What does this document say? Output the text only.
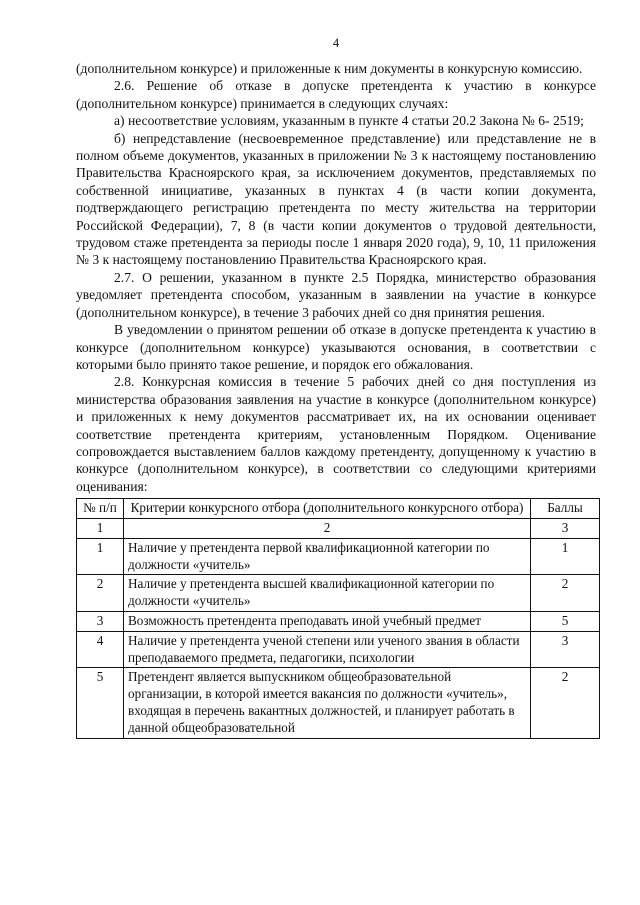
4

(дополнительном конкурсе) и приложенные к ним документы в конкурсную комиссию.

2.6. Решение об отказе в допуске претендента к участию в конкурсе (дополнительном конкурсе) принимается в следующих случаях:

а) несоответствие условиям, указанным в пункте 4 статьи 20.2 Закона № 6- 2519;

б) непредставление (несвоевременное представление) или представление не в полном объеме документов, указанных в приложении № 3 к настоящему постановлению Правительства Красноярского края, за исключением документов, представляемых по собственной инициативе, указанных в пунктах 4 (в части копии документа, подтверждающего регистрацию претендента по месту жительства на территории Российской Федерации), 7, 8 (в части копии документов о трудовой деятельности, трудовом стаже претендента за периоды после 1 января 2020 года), 9, 10, 11 приложения № 3 к настоящему постановлению Правительства Красноярского края.

2.7. О решении, указанном в пункте 2.5 Порядка, министерство образования уведомляет претендента способом, указанным в заявлении на участие в конкурсе (дополнительном конкурсе), в течение 3 рабочих дней со дня принятия решения.

В уведомлении о принятом решении об отказе в допуске претендента к участию в конкурсе (дополнительном конкурсе) указываются основания, в соответствии с которыми было принято такое решение, и порядок его обжалования.

2.8. Конкурсная комиссия в течение 5 рабочих дней со дня поступления из министерства образования заявления на участие в конкурсе (дополнительном конкурсе) и приложенных к нему документов рассматривает их, на их основании оценивает соответствие претендента критериям, установленным Порядком. Оценивание сопровождается выставлением баллов каждому претенденту, допущенному к участию в конкурсе (дополнительном конкурсе), в соответствии со следующими критериями оценивания:

№ п/п	Критерии конкурсного отбора (дополнительного конкурсного отбора)	Баллы
1	2	3
1	Наличие у претендента первой квалификационной категории по должности «учитель»	1
2	Наличие у претендента высшей квалификационной категории по должности «учитель»	2
3	Возможность претендента преподавать иной учебный предмет	5
4	Наличие у претендента ученой степени или ученого звания в области преподаваемого предмета, педагогики, психологии	3
5	Претендент является выпускником общеобразовательной организации, в которой имеется вакансия по должности «учитель», входящая в перечень вакантных должностей, и планирует работать в данной общеобразовательной	2
